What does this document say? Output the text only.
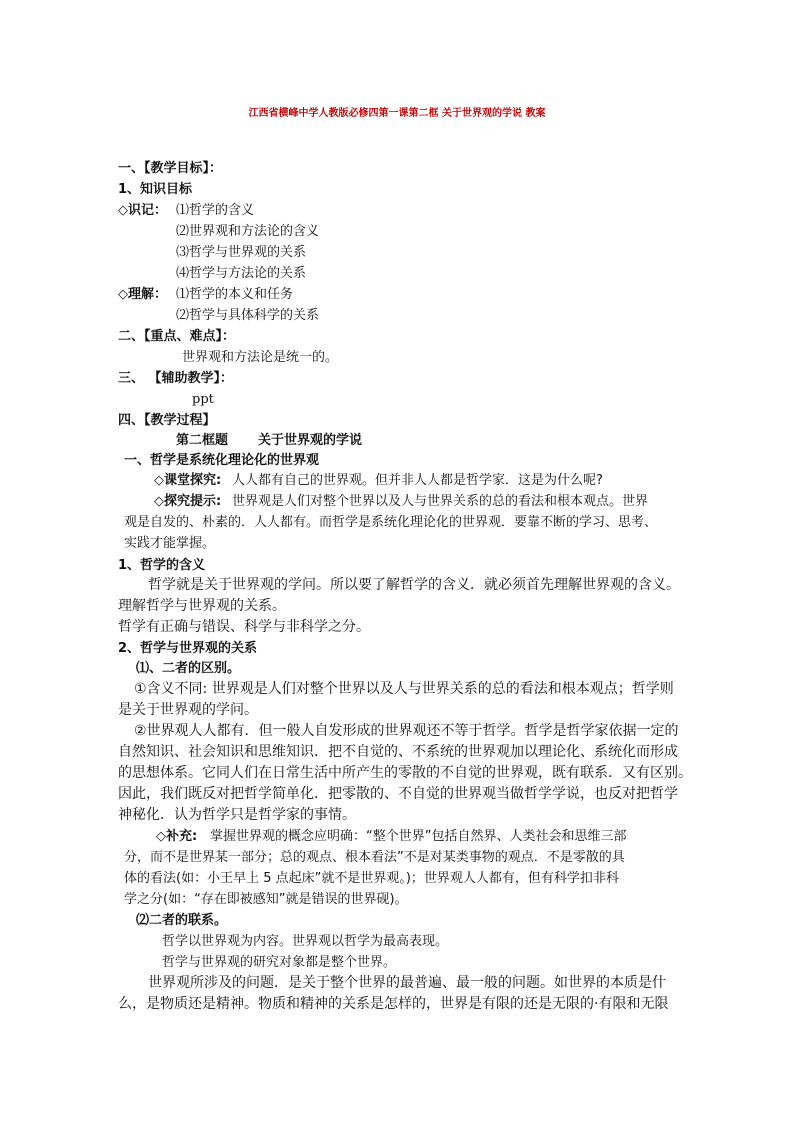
江西省横峰中学人教版必修四第一课第二框 关于世界观的学说 教案
一、【教学目标】：
1、知识目标
◇识记： ⑴哲学的含义
⑵世界观和方法论的含义
⑶哲学与世界观的关系
⑷哲学与方法论的关系
◇理解： ⑴哲学的本义和任务
⑵哲学与具体科学的关系
二、【重点、难点】：
世界观和方法论是统一的。
三、 【辅助教学】：
ppt
四、【教学过程】
第二框题 关于世界观的学说
一、哲学是系统化理论化的世界观
◇课堂探究: 人人都有自己的世界观。但并非人人都是哲学家．这是为什么呢?
◇探究提示: 世界观是人们对整个世界以及人与世界关系的总的看法和根本观点。世界
观是自发的、朴素的．人人都有。而哲学是系统化理论化的世界观．要靠不断的学习、思考、
实践才能掌握。
1、哲学的含义
哲学就是关于世界观的学问。所以要了解哲学的含义．就必须首先理解世界观的含义。
理解哲学与世界观的关系。
哲学有正确与错误、科学与非科学之分。
2、哲学与世界观的关系
⑴、二者的区别。
①含义不同: 世界观是人们对整个世界以及人与世界关系的总的看法和根本观点；哲学则
是关于世界观的学问。
②世界观人人都有．但一般人自发形成的世界观还不等于哲学。哲学是哲学家依据一定的
自然知识、社会知识和思维知识．把不自觉的、不系统的世界观加以理论化、系统化而形成
的思想体系。它同人们在日常生活中所产生的零散的不自觉的世界观，既有联系．又有区别。
因此，我们既反对把哲学简单化．把零散的、不自觉的世界观当做哲学学说，也反对把哲学
神秘化．认为哲学只是哲学家的事情。
◇补充: 掌握世界观的概念应明确：“整个世界”包括自然界、人类社会和思维三部
分，而不是世界某一部分；总的观点、根本看法”不是对某类事物的观点．不是零散的具
体的看法(如：小王早上 5 点起床”就不是世界观。)；世界观人人都有，但有科学扣非科
学之分(如：“存在即被感知”就是错误的世界砚)。
⑵二者的联系。
哲学以世界观为内容。世界观以哲学为最高表现。
哲学与世界观的研究对象都是整个世界。
世界观所涉及的问题．是关于整个世界的最普遍、最一般的问题。如世界的本质是什
么，是物质还是精神。物质和精神的关系是怎样的，世界是有限的还是无限的·有限和无限
